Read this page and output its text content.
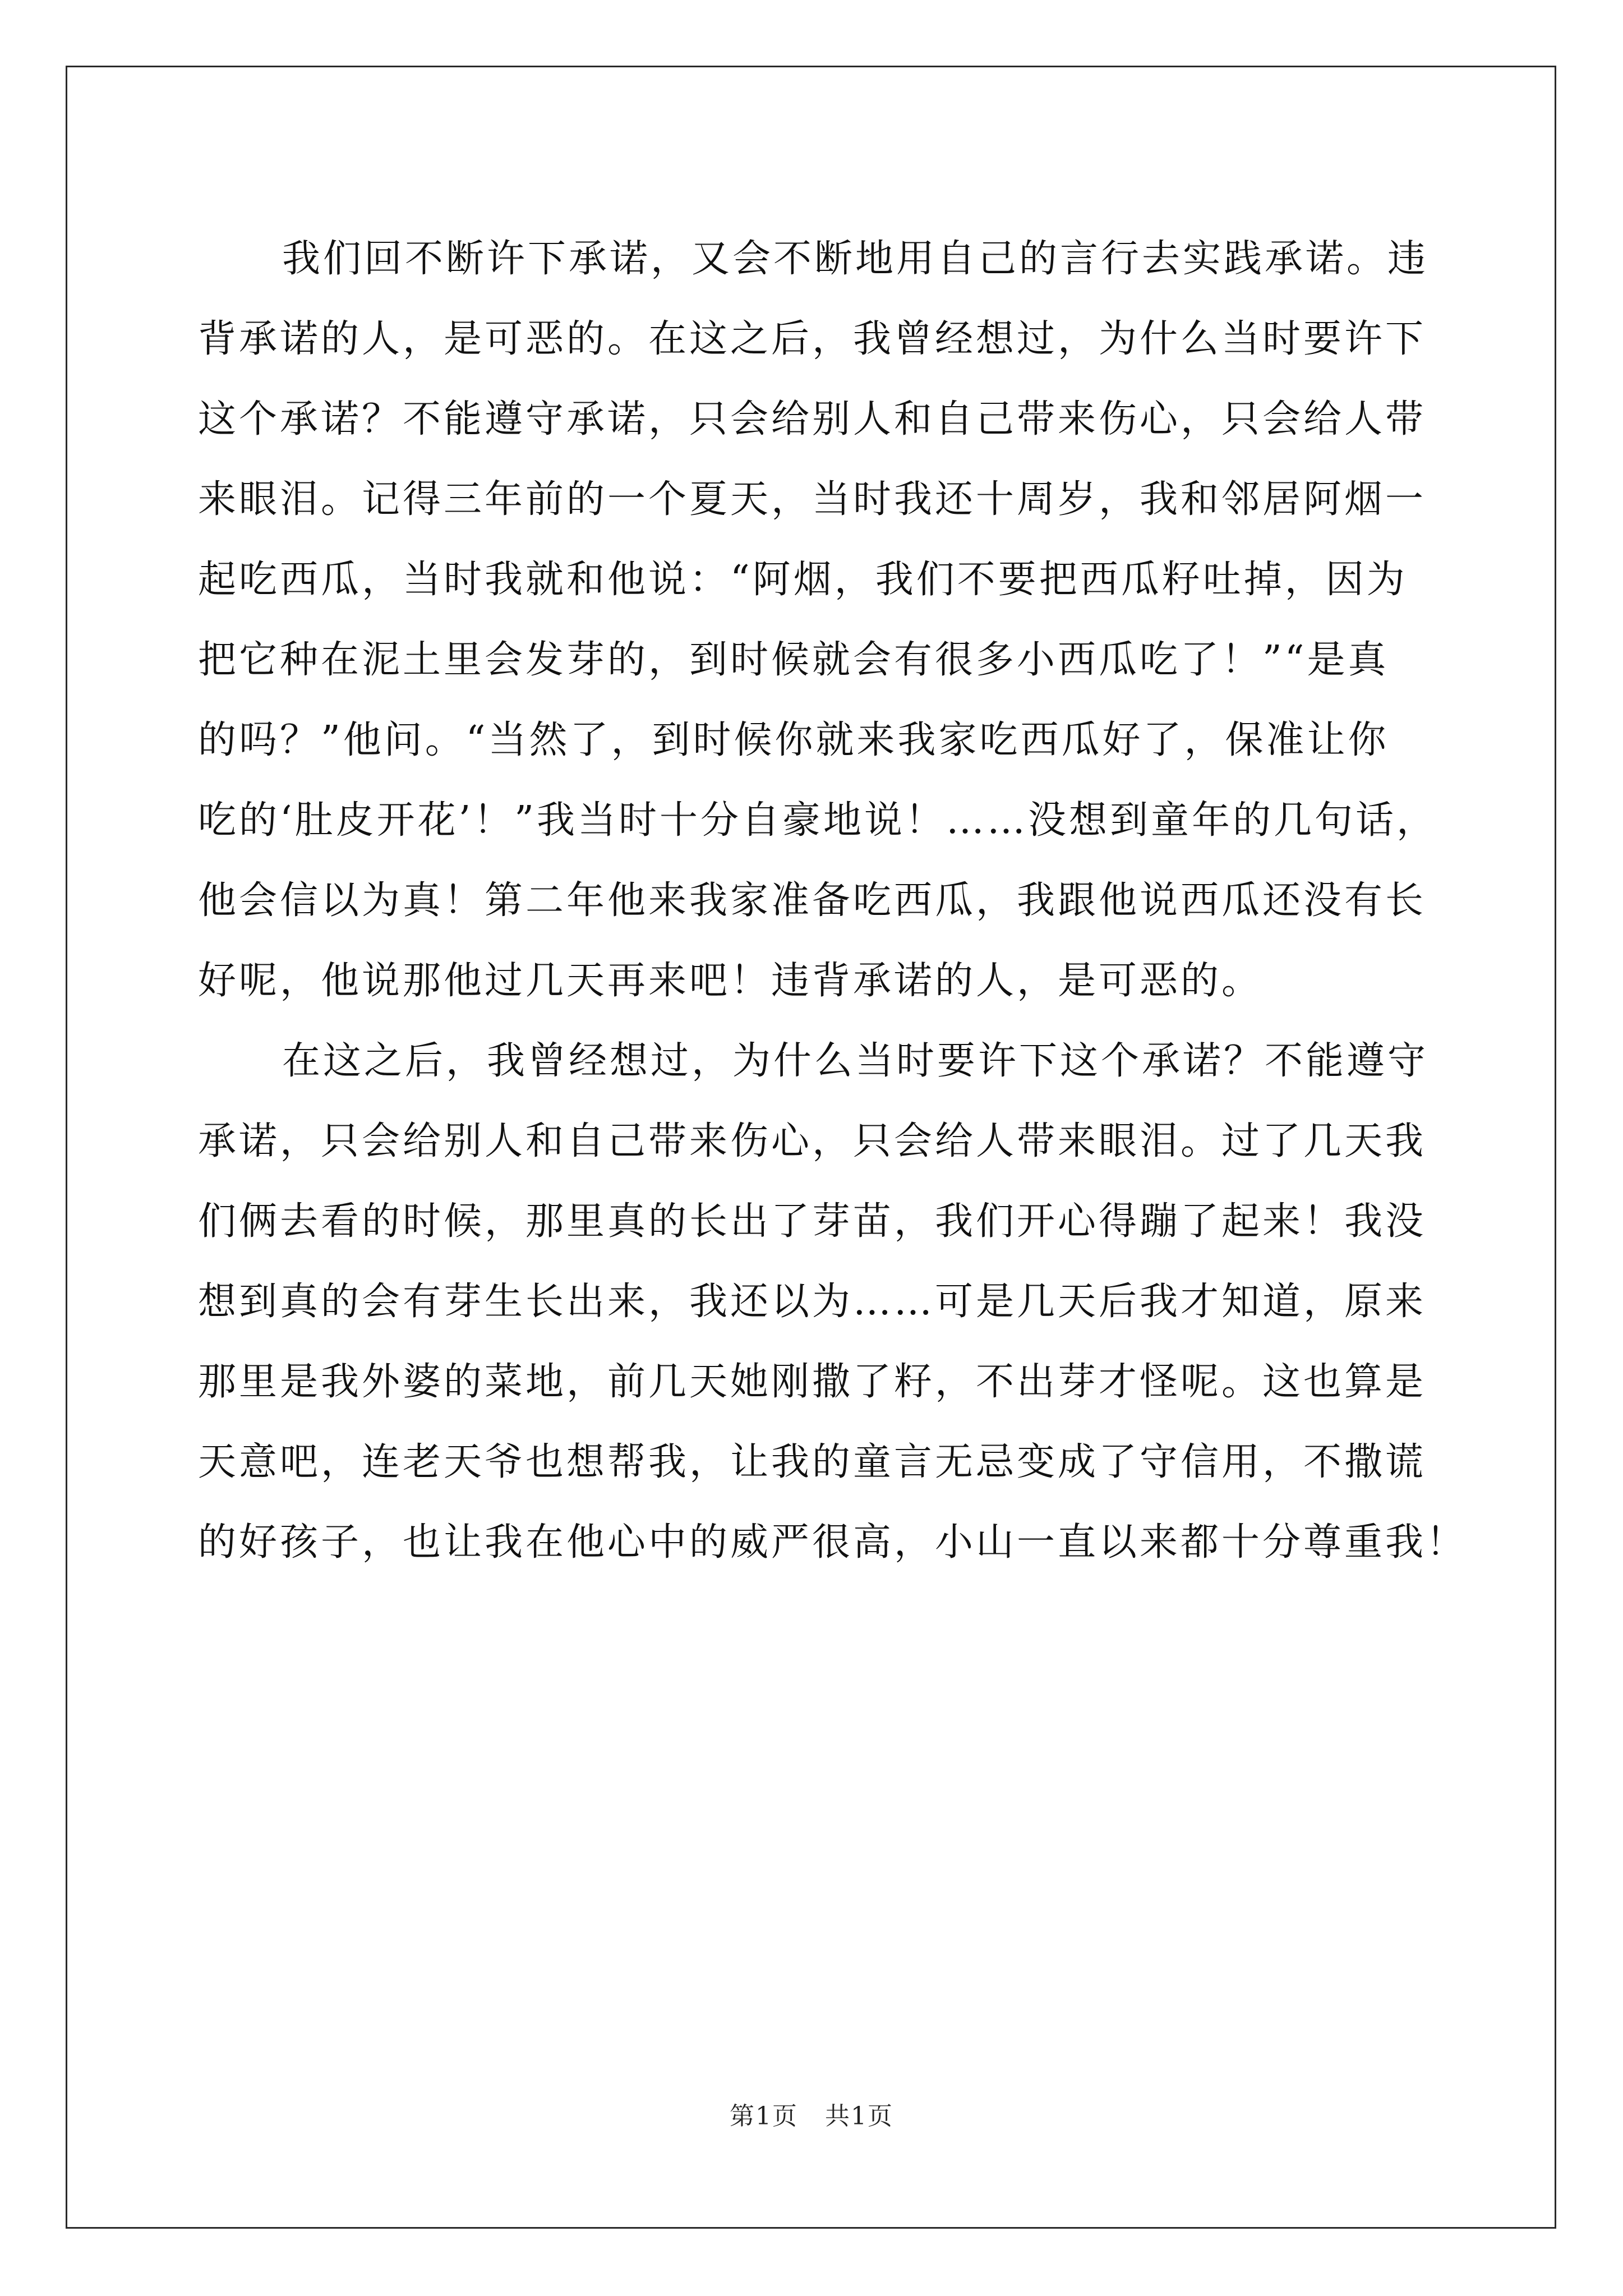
我们回不断许下承诺，又会不断地用自己的言行去实践承诺。违
背承诺的人，是可恶的。在这之后，我曾经想过，为什么当时要许下
这个承诺？不能遵守承诺，只会给别人和自己带来伤心，只会给人带
来眼泪。记得三年前的一个夏天，当时我还十周岁，我和邻居阿烟一
起吃西瓜，当时我就和他说：“阿烟，我们不要把西瓜籽吐掉，因为
把它种在泥土里会发芽的，到时候就会有很多小西瓜吃了！”“是真
的吗？”他问。“当然了，到时候你就来我家吃西瓜好了，保准让你
吃的‘肚皮开花’！”我当时十分自豪地说！……没想到童年的几句话，
他会信以为真！第二年他来我家准备吃西瓜，我跟他说西瓜还没有长
好呢，他说那他过几天再来吧！违背承诺的人，是可恶的。
在这之后，我曾经想过，为什么当时要许下这个承诺？不能遵守
承诺，只会给别人和自己带来伤心，只会给人带来眼泪。过了几天我
们俩去看的时候，那里真的长出了芽苗，我们开心得蹦了起来！我没
想到真的会有芽生长出来，我还以为……可是几天后我才知道，原来
那里是我外婆的菜地，前几天她刚撒了籽，不出芽才怪呢。这也算是
天意吧，连老天爷也想帮我，让我的童言无忌变成了守信用，不撒谎
的好孩子，也让我在他心中的威严很高，小山一直以来都十分尊重我！
第1页 共1页
